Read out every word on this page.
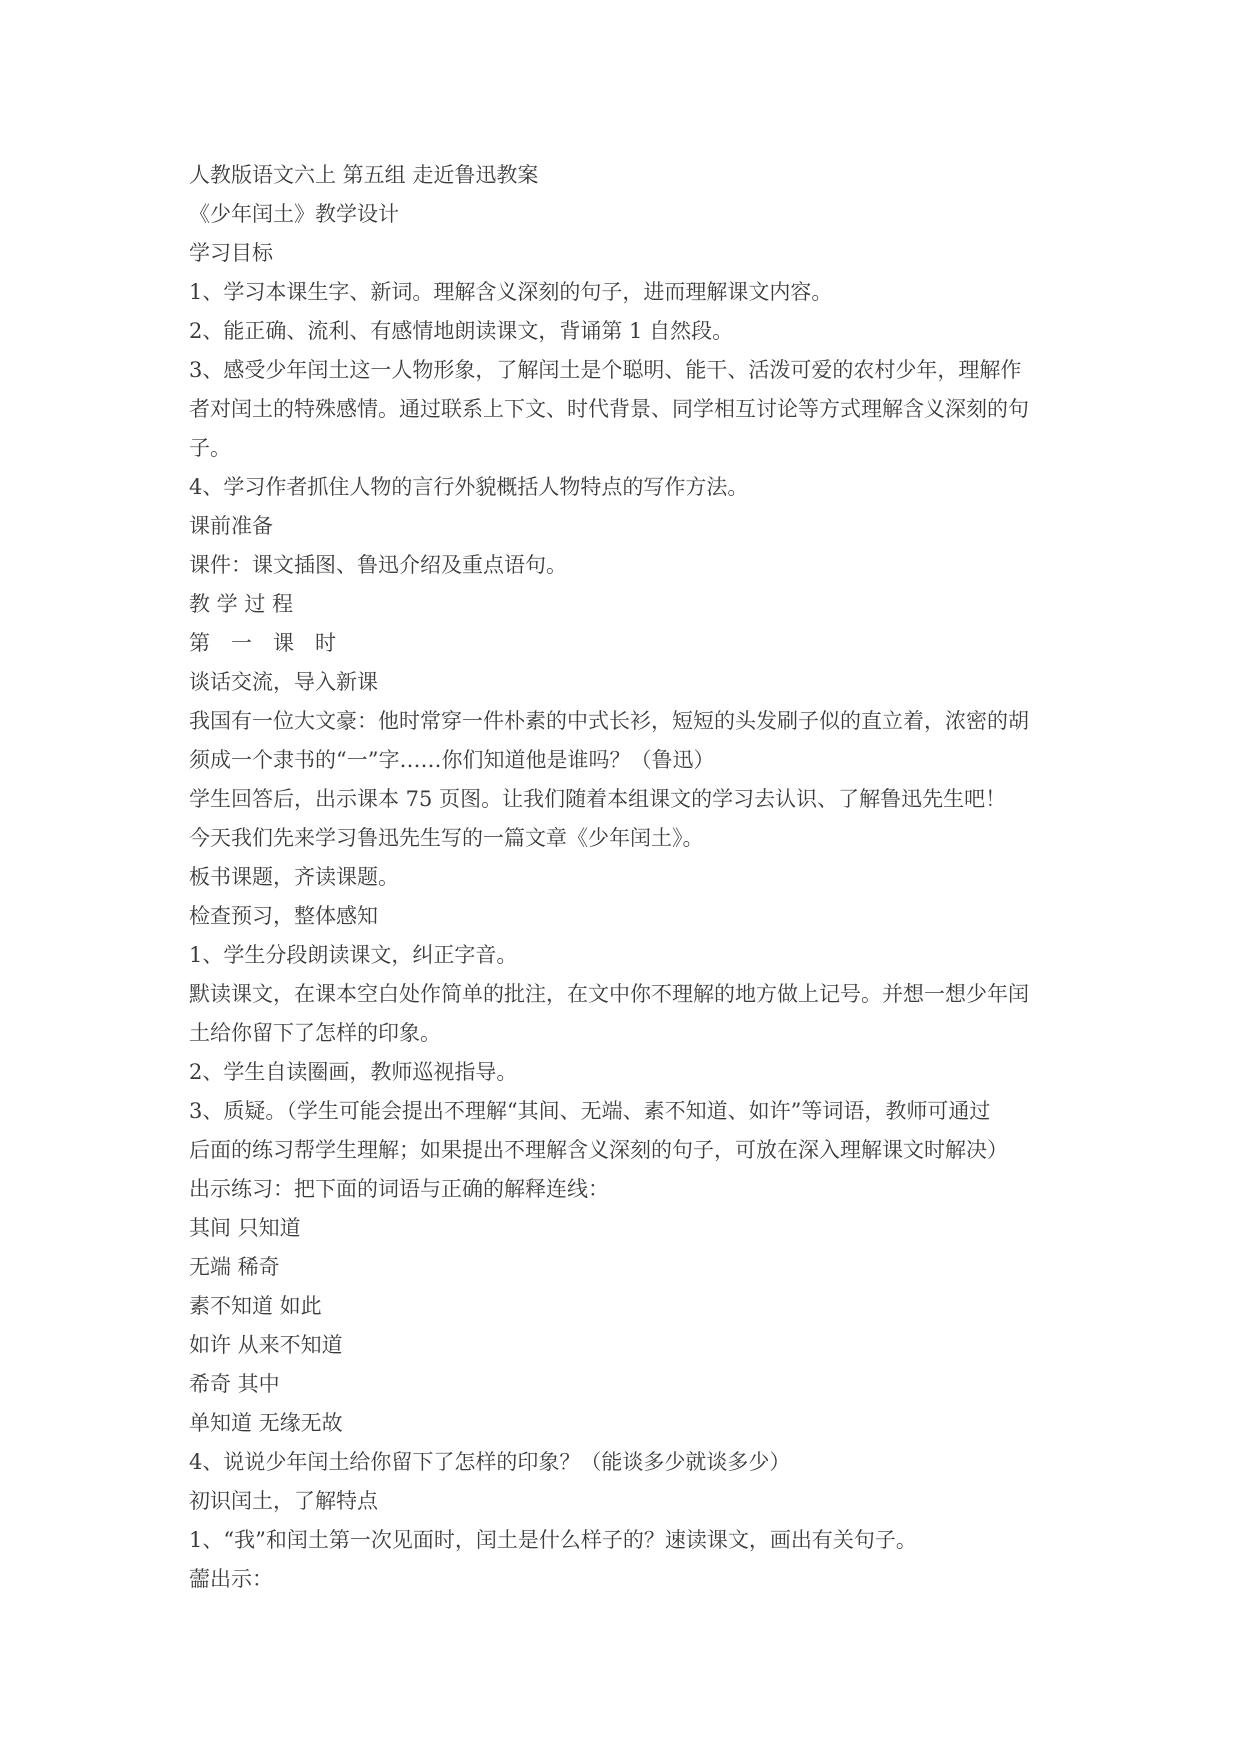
人教版语文六上 第五组 走近鲁迅教案
《少年闰土》教学设计
学习目标
1、学习本课生字、新词。理解含义深刻的句子，进而理解课文内容。
2、能正确、流利、有感情地朗读课文，背诵第 1 自然段。
3、感受少年闰土这一人物形象，了解闰土是个聪明、能干、活泼可爱的农村少年，理解作
者对闰土的特殊感情。通过联系上下文、时代背景、同学相互讨论等方式理解含义深刻的句
子。
4、学习作者抓住人物的言行外貌概括人物特点的写作方法。
课前准备
课件：课文插图、鲁迅介绍及重点语句。
教 学 过 程
第　一　课　时
谈话交流，导入新课
我国有一位大文豪：他时常穿一件朴素的中式长衫，短短的头发刷子似的直立着，浓密的胡
须成一个隶书的“一”字……你们知道他是谁吗？（鲁迅）
学生回答后，出示课本 75 页图。让我们随着本组课文的学习去认识、了解鲁迅先生吧！
今天我们先来学习鲁迅先生写的一篇文章《少年闰土》。
板书课题，齐读课题。
检查预习，整体感知
1、学生分段朗读课文，纠正字音。
默读课文，在课本空白处作简单的批注，在文中你不理解的地方做上记号。并想一想少年闰
土给你留下了怎样的印象。
2、学生自读圈画，教师巡视指导。
3、质疑。（学生可能会提出不理解“其间、无端、素不知道、如许”等词语，教师可通过
后面的练习帮学生理解；如果提出不理解含义深刻的句子，可放在深入理解课文时解决）
出示练习：把下面的词语与正确的解释连线：
其间 只知道
无端 稀奇
素不知道 如此
如许 从来不知道
希奇 其中
单知道 无缘无故
4、说说少年闰土给你留下了怎样的印象？（能谈多少就谈多少）
初识闰土，了解特点
1、“我”和闰土第一次见面时，闰土是什么样子的？速读课文，画出有关句子。
蘦出示：
